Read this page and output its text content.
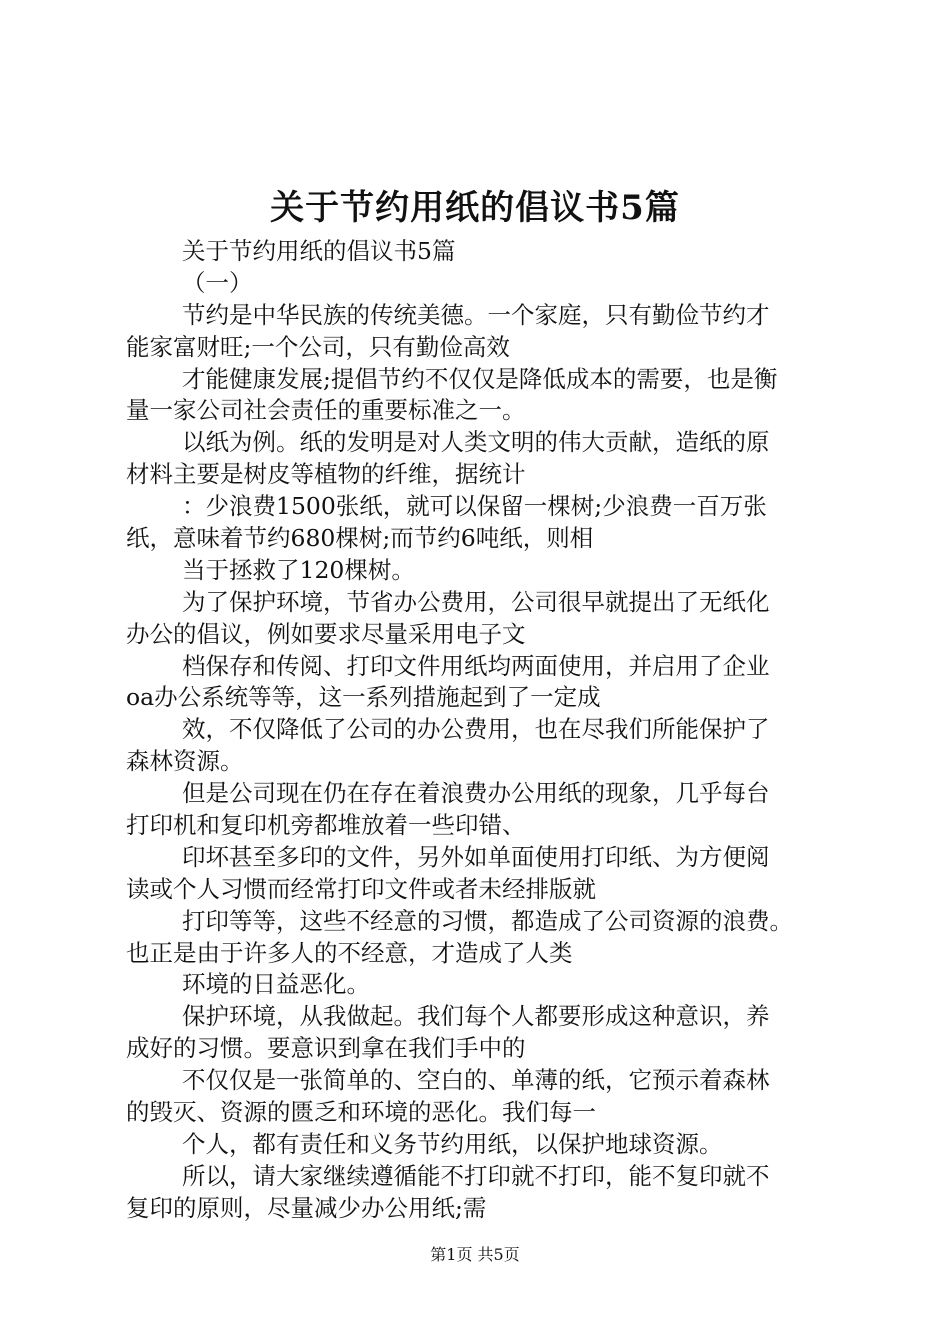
关于节约用纸的倡议书5篇
关于节约用纸的倡议书5篇
（一）
节约是中华民族的传统美德。一个家庭，只有勤俭节约才
能家富财旺;一个公司，只有勤俭高效
才能健康发展;提倡节约不仅仅是降低成本的需要，也是衡
量一家公司社会责任的重要标准之一。
以纸为例。纸的发明是对人类文明的伟大贡献，造纸的原
材料主要是树皮等植物的纤维，据统计
：少浪费1500张纸，就可以保留一棵树;少浪费一百万张
纸，意味着节约680棵树;而节约6吨纸，则相
当于拯救了120棵树。
为了保护环境，节省办公费用，公司很早就提出了无纸化
办公的倡议，例如要求尽量采用电子文
档保存和传阅、打印文件用纸均两面使用，并启用了企业
oa办公系统等等，这一系列措施起到了一定成
效，不仅降低了公司的办公费用，也在尽我们所能保护了
森林资源。
但是公司现在仍在存在着浪费办公用纸的现象，几乎每台
打印机和复印机旁都堆放着一些印错、
印坏甚至多印的文件，另外如单面使用打印纸、为方便阅
读或个人习惯而经常打印文件或者未经排版就
打印等等，这些不经意的习惯，都造成了公司资源的浪费。
也正是由于许多人的不经意，才造成了人类
环境的日益恶化。
保护环境，从我做起。我们每个人都要形成这种意识，养
成好的习惯。要意识到拿在我们手中的
不仅仅是一张简单的、空白的、单薄的纸，它预示着森林
的毁灭、资源的匮乏和环境的恶化。我们每一
个人，都有责任和义务节约用纸，以保护地球资源。
所以，请大家继续遵循能不打印就不打印，能不复印就不
复印的原则，尽量减少办公用纸;需
第1页 共5页
